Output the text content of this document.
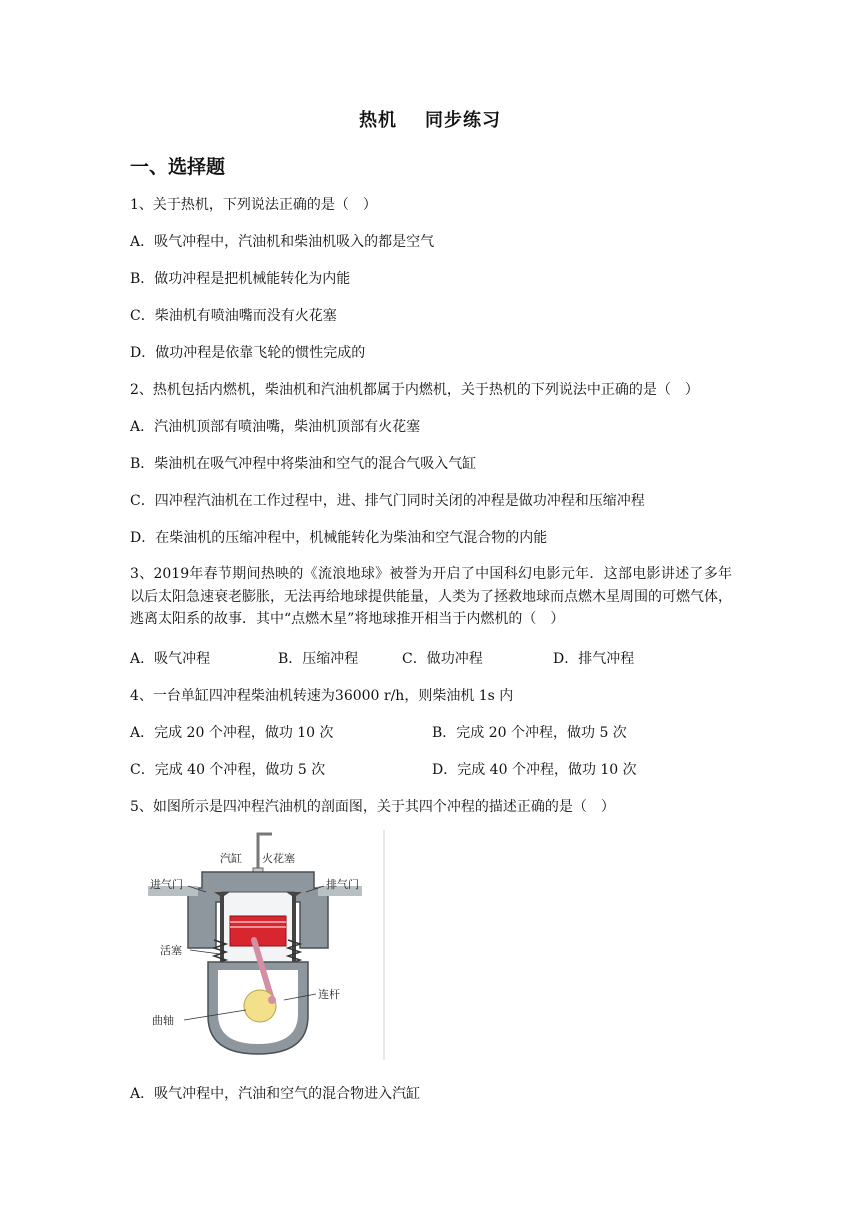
热机 同步练习
一、选择题
1、关于热机，下列说法正确的是（　）
A．吸气冲程中，汽油机和柴油机吸入的都是空气
B．做功冲程是把机械能转化为内能
C．柴油机有喷油嘴而没有火花塞
D．做功冲程是依靠飞轮的惯性完成的
2、热机包括内燃机，柴油机和汽油机都属于内燃机，关于热机的下列说法中正确的是（　）
A．汽油机顶部有喷油嘴，柴油机顶部有火花塞
B．柴油机在吸气冲程中将柴油和空气的混合气吸入气缸
C．四冲程汽油机在工作过程中，进、排气门同时关闭的冲程是做功冲程和压缩冲程
D．在柴油机的压缩冲程中，机械能转化为柴油和空气混合物的内能
3、2019年春节期间热映的《流浪地球》被誉为开启了中国科幻电影元年．这部电影讲述了多年以后太阳急速衰老膨胀，无法再给地球提供能量，人类为了拯救地球而点燃木星周围的可燃气体，逃离太阳系的故事．其中“点燃木星”将地球推开相当于内燃机的（　）
A．吸气冲程	B．压缩冲程	C．做功冲程	D．排气冲程
4、一台单缸四冲程柴油机转速为36000 r/h，则柴油机 1s 内
A．完成 20 个冲程，做功 10 次	B．完成 20 个冲程，做功 5 次
C．完成 40 个冲程，做功 5 次	D．完成 40 个冲程，做功 10 次
5、如图所示是四冲程汽油机的剖面图，关于其四个冲程的描述正确的是（　）
汽缸 火花塞
进气门	排气门
活塞
连杆
曲轴
A．吸气冲程中，汽油和空气的混合物进入汽缸
